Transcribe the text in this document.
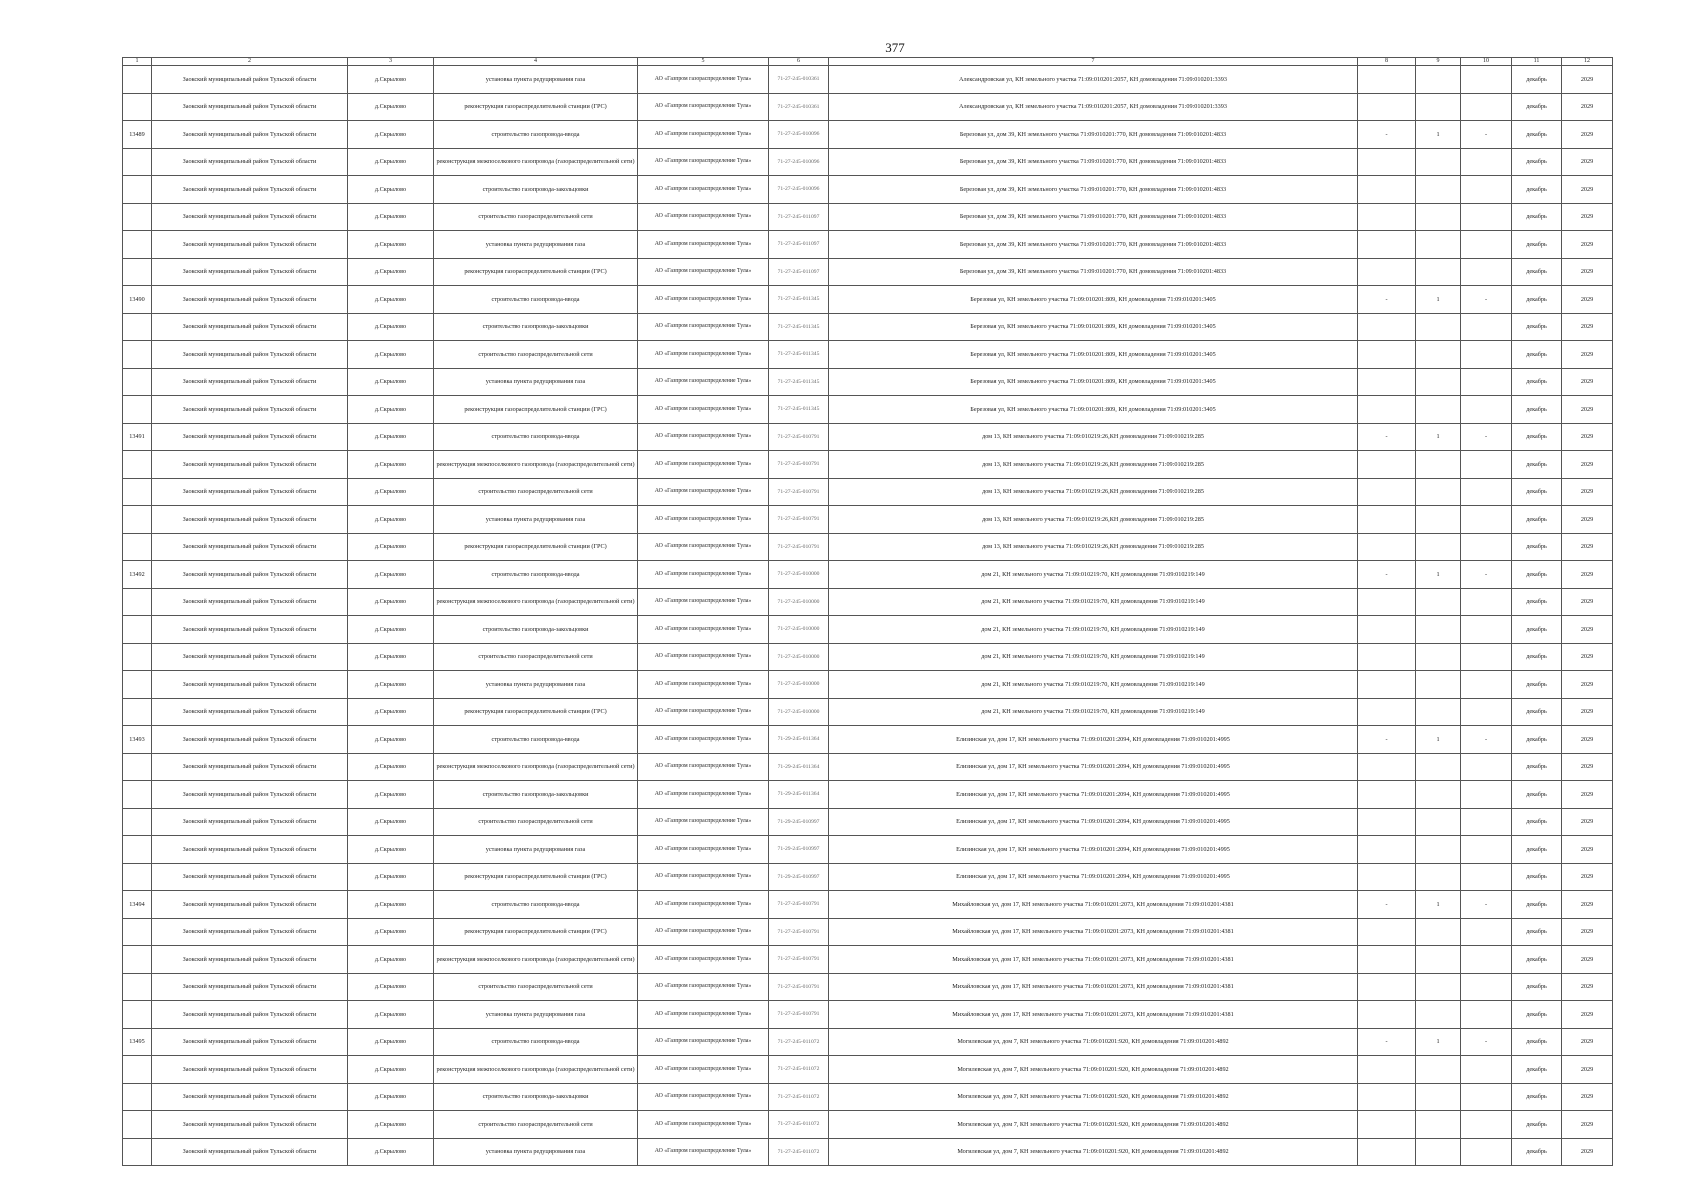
377
1	2	3	4	5	6	7	8	9	10	11	12
	Заокский муниципальный район Тульской области	д.Скрылово	установка пункта редуцирования газа	АО «Газпром газораспределение Тула»	71-27-245-010361	Александровская ул, КН земельного участка 71:09:010201:2057, КН домовладения 71:09:010201:3393				декабрь	2029
	Заокский муниципальный район Тульской области	д.Скрылово	реконструкция газораспределительной станции (ГРС)	АО «Газпром газораспределение Тула»	71-27-245-010361	Александровская ул, КН земельного участка 71:09:010201:2057, КН домовладения 71:09:010201:3393				декабрь	2029
13489	Заокский муниципальный район Тульской области	д.Скрылово	строительство газопровода-ввода	АО «Газпром газораспределение Тула»	71-27-245-010096	Березовая ул, дом 39, КН земельного участка 71:09:010201:770, КН домовладения 71:09:010201:4833	-	1	-	декабрь	2029
	Заокский муниципальный район Тульской области	д.Скрылово	реконструкция межпоселкового газопровода (газораспределительной сети)	АО «Газпром газораспределение Тула»	71-27-245-010096	Березовая ул, дом 39, КН земельного участка 71:09:010201:770, КН домовладения 71:09:010201:4833				декабрь	2029
	Заокский муниципальный район Тульской области	д.Скрылово	строительство газопровода-закольцовки	АО «Газпром газораспределение Тула»	71-27-245-010096	Березовая ул, дом 39, КН земельного участка 71:09:010201:770, КН домовладения 71:09:010201:4833				декабрь	2029
	Заокский муниципальный район Тульской области	д.Скрылово	строительство газораспределительной сети	АО «Газпром газораспределение Тула»	71-27-245-011097	Березовая ул, дом 39, КН земельного участка 71:09:010201:770, КН домовладения 71:09:010201:4833				декабрь	2029
	Заокский муниципальный район Тульской области	д.Скрылово	установка пункта редуцирования газа	АО «Газпром газораспределение Тула»	71-27-245-011097	Березовая ул, дом 39, КН земельного участка 71:09:010201:770, КН домовладения 71:09:010201:4833				декабрь	2029
	Заокский муниципальный район Тульской области	д.Скрылово	реконструкция газораспределительной станции (ГРС)	АО «Газпром газораспределение Тула»	71-27-245-011097	Березовая ул, дом 39, КН земельного участка 71:09:010201:770, КН домовладения 71:09:010201:4833				декабрь	2029
13490	Заокский муниципальный район Тульской области	д.Скрылово	строительство газопровода-ввода	АО «Газпром газораспределение Тула»	71-27-245-011345	Березовая ул, КН земельного участка 71:09:010201:809, КН домовладения 71:09:010201:3405	-	1	-	декабрь	2029
	Заокский муниципальный район Тульской области	д.Скрылово	строительство газопровода-закольцовки	АО «Газпром газораспределение Тула»	71-27-245-011345	Березовая ул, КН земельного участка 71:09:010201:809, КН домовладения 71:09:010201:3405				декабрь	2029
	Заокский муниципальный район Тульской области	д.Скрылово	строительство газораспределительной сети	АО «Газпром газораспределение Тула»	71-27-245-011345	Березовая ул, КН земельного участка 71:09:010201:809, КН домовладения 71:09:010201:3405				декабрь	2029
	Заокский муниципальный район Тульской области	д.Скрылово	установка пункта редуцирования газа	АО «Газпром газораспределение Тула»	71-27-245-011345	Березовая ул, КН земельного участка 71:09:010201:809, КН домовладения 71:09:010201:3405				декабрь	2029
	Заокский муниципальный район Тульской области	д.Скрылово	реконструкция газораспределительной станции (ГРС)	АО «Газпром газораспределение Тула»	71-27-245-011345	Березовая ул, КН земельного участка 71:09:010201:809, КН домовладения 71:09:010201:3405				декабрь	2029
13491	Заокский муниципальный район Тульской области	д.Скрылово	строительство газопровода-ввода	АО «Газпром газораспределение Тула»	71-27-245-010791	дом 13, КН земельного участка 71:09:010219:26,КН домовладения 71:09:010219:285	-	1	-	декабрь	2029
	Заокский муниципальный район Тульской области	д.Скрылово	реконструкция межпоселкового газопровода (газораспределительной сети)	АО «Газпром газораспределение Тула»	71-27-245-010791	дом 13, КН земельного участка 71:09:010219:26,КН домовладения 71:09:010219:285				декабрь	2029
	Заокский муниципальный район Тульской области	д.Скрылово	строительство газораспределительной сети	АО «Газпром газораспределение Тула»	71-27-245-010791	дом 13, КН земельного участка 71:09:010219:26,КН домовладения 71:09:010219:285				декабрь	2029
	Заокский муниципальный район Тульской области	д.Скрылово	установка пункта редуцирования газа	АО «Газпром газораспределение Тула»	71-27-245-010791	дом 13, КН земельного участка 71:09:010219:26,КН домовладения 71:09:010219:285				декабрь	2029
	Заокский муниципальный район Тульской области	д.Скрылово	реконструкция газораспределительной станции (ГРС)	АО «Газпром газораспределение Тула»	71-27-245-010791	дом 13, КН земельного участка 71:09:010219:26,КН домовладения 71:09:010219:285				декабрь	2029
13492	Заокский муниципальный район Тульской области	д.Скрылово	строительство газопровода-ввода	АО «Газпром газораспределение Тула»	71-27-245-010000	дом 21, КН земельного участка 71:09:010219:70, КН домовладения 71:09:010219:149	-	1	-	декабрь	2029
	Заокский муниципальный район Тульской области	д.Скрылово	реконструкция межпоселкового газопровода (газораспределительной сети)	АО «Газпром газораспределение Тула»	71-27-245-010000	дом 21, КН земельного участка 71:09:010219:70, КН домовладения 71:09:010219:149				декабрь	2029
	Заокский муниципальный район Тульской области	д.Скрылово	строительство газопровода-закольцовки	АО «Газпром газораспределение Тула»	71-27-245-010000	дом 21, КН земельного участка 71:09:010219:70, КН домовладения 71:09:010219:149				декабрь	2029
	Заокский муниципальный район Тульской области	д.Скрылово	строительство газораспределительной сети	АО «Газпром газораспределение Тула»	71-27-245-010000	дом 21, КН земельного участка 71:09:010219:70, КН домовладения 71:09:010219:149				декабрь	2029
	Заокский муниципальный район Тульской области	д.Скрылово	установка пункта редуцирования газа	АО «Газпром газораспределение Тула»	71-27-245-010000	дом 21, КН земельного участка 71:09:010219:70, КН домовладения 71:09:010219:149				декабрь	2029
	Заокский муниципальный район Тульской области	д.Скрылово	реконструкция газораспределительной станции (ГРС)	АО «Газпром газораспределение Тула»	71-27-245-010000	дом 21, КН земельного участка 71:09:010219:70, КН домовладения 71:09:010219:149				декабрь	2029
13493	Заокский муниципальный район Тульской области	д.Скрылово	строительство газопровода-ввода	АО «Газпром газораспределение Тула»	71-29-245-011364	Елизинская ул, дом 17, КН земельного участка 71:09:010201:2094, КН домовладения 71:09:010201:4995	-	1	-	декабрь	2029
	Заокский муниципальный район Тульской области	д.Скрылово	реконструкция межпоселкового газопровода (газораспределительной сети)	АО «Газпром газораспределение Тула»	71-29-245-011364	Елизинская ул, дом 17, КН земельного участка 71:09:010201:2094, КН домовладения 71:09:010201:4995				декабрь	2029
	Заокский муниципальный район Тульской области	д.Скрылово	строительство газопровода-закольцовки	АО «Газпром газораспределение Тула»	71-29-245-011364	Елизинская ул, дом 17, КН земельного участка 71:09:010201:2094, КН домовладения 71:09:010201:4995				декабрь	2029
	Заокский муниципальный район Тульской области	д.Скрылово	строительство газораспределительной сети	АО «Газпром газораспределение Тула»	71-29-245-010997	Елизинская ул, дом 17, КН земельного участка 71:09:010201:2094, КН домовладения 71:09:010201:4995				декабрь	2029
	Заокский муниципальный район Тульской области	д.Скрылово	установка пункта редуцирования газа	АО «Газпром газораспределение Тула»	71-29-245-010997	Елизинская ул, дом 17, КН земельного участка 71:09:010201:2094, КН домовладения 71:09:010201:4995				декабрь	2029
	Заокский муниципальный район Тульской области	д.Скрылово	реконструкция газораспределительной станции (ГРС)	АО «Газпром газораспределение Тула»	71-29-245-010997	Елизинская ул, дом 17, КН земельного участка 71:09:010201:2094, КН домовладения 71:09:010201:4995				декабрь	2029
13494	Заокский муниципальный район Тульской области	д.Скрылово	строительство газопровода-ввода	АО «Газпром газораспределение Тула»	71-27-245-010791	Михайловская ул, дом 17, КН земельного участка 71:09:010201:2073, КН домовладения 71:09:010201:4381	-	1	-	декабрь	2029
	Заокский муниципальный район Тульской области	д.Скрылово	реконструкция газораспределительной станции (ГРС)	АО «Газпром газораспределение Тула»	71-27-245-010791	Михайловская ул, дом 17, КН земельного участка 71:09:010201:2073, КН домовладения 71:09:010201:4381				декабрь	2029
	Заокский муниципальный район Тульской области	д.Скрылово	реконструкция межпоселкового газопровода (газораспределительной сети)	АО «Газпром газораспределение Тула»	71-27-245-010791	Михайловская ул, дом 17, КН земельного участка 71:09:010201:2073, КН домовладения 71:09:010201:4381				декабрь	2029
	Заокский муниципальный район Тульской области	д.Скрылово	строительство газораспределительной сети	АО «Газпром газораспределение Тула»	71-27-245-010791	Михайловская ул, дом 17, КН земельного участка 71:09:010201:2073, КН домовладения 71:09:010201:4381				декабрь	2029
	Заокский муниципальный район Тульской области	д.Скрылово	установка пункта редуцирования газа	АО «Газпром газораспределение Тула»	71-27-245-010791	Михайловская ул, дом 17, КН земельного участка 71:09:010201:2073, КН домовладения 71:09:010201:4381				декабрь	2029
13495	Заокский муниципальный район Тульской области	д.Скрылово	строительство газопровода-ввода	АО «Газпром газораспределение Тула»	71-27-245-011072	Могилевская ул, дом 7, КН земельного участка 71:09:010201:920, КН домовладения 71:09:010201:4892	-	1	-	декабрь	2029
	Заокский муниципальный район Тульской области	д.Скрылово	реконструкция межпоселкового газопровода (газораспределительной сети)	АО «Газпром газораспределение Тула»	71-27-245-011072	Могилевская ул, дом 7, КН земельного участка 71:09:010201:920, КН домовладения 71:09:010201:4892				декабрь	2029
	Заокский муниципальный район Тульской области	д.Скрылово	строительство газопровода-закольцовки	АО «Газпром газораспределение Тула»	71-27-245-011072	Могилевская ул, дом 7, КН земельного участка 71:09:010201:920, КН домовладения 71:09:010201:4892				декабрь	2029
	Заокский муниципальный район Тульской области	д.Скрылово	строительство газораспределительной сети	АО «Газпром газораспределение Тула»	71-27-245-011072	Могилевская ул, дом 7, КН земельного участка 71:09:010201:920, КН домовладения 71:09:010201:4892				декабрь	2029
	Заокский муниципальный район Тульской области	д.Скрылово	установка пункта редуцирования газа	АО «Газпром газораспределение Тула»	71-27-245-011072	Могилевская ул, дом 7, КН земельного участка 71:09:010201:920, КН домовладения 71:09:010201:4892				декабрь	2029
